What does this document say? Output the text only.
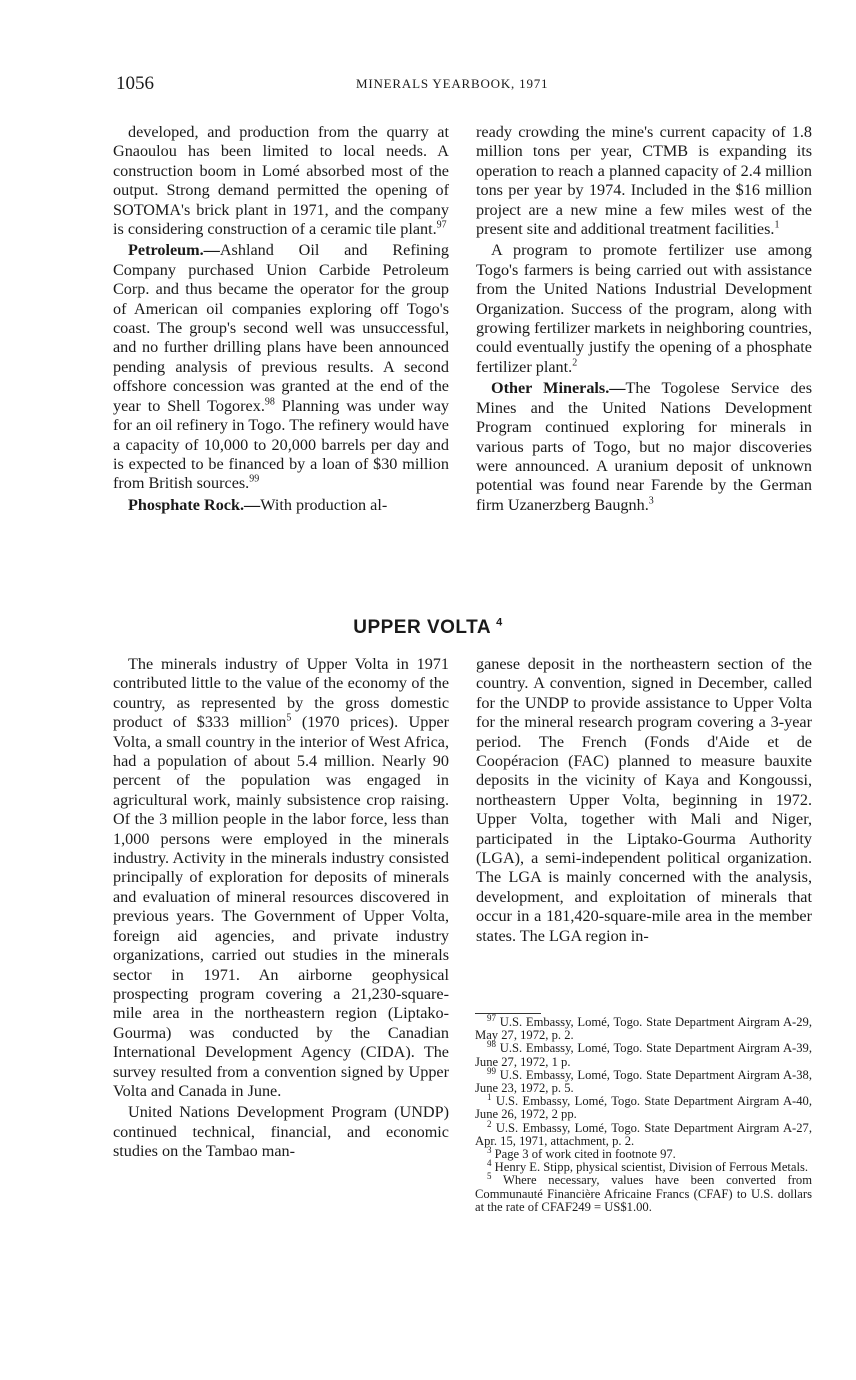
1056	MINERALS YEARBOOK, 1971

developed, and production from the quarry at Gnaoulou has been limited to local needs. A construction boom in Lomé absorbed most of the output. Strong demand permitted the opening of SOTOMA's brick plant in 1971, and the company is considering construction of a ceramic tile plant.$^{97}$

Petroleum.—Ashland Oil and Refining Company purchased Union Carbide Petroleum Corp. and thus became the operator for the group of American oil companies exploring off Togo's coast. The group's second well was unsuccessful, and no further drilling plans have been announced pending analysis of previous results. A second offshore concession was granted at the end of the year to Shell Togorex.$^{98}$ Planning was under way for an oil refinery in Togo. The refinery would have a capacity of 10,000 to 20,000 barrels per day and is expected to be financed by a loan of $30 million from British sources.$^{99}$

Phosphate Rock.—With production al-

ready crowding the mine's current capacity of 1.8 million tons per year, CTMB is expanding its operation to reach a planned capacity of 2.4 million tons per year by 1974. Included in the $16 million project are a new mine a few miles west of the present site and additional treatment facilities.$^1$

A program to promote fertilizer use among Togo's farmers is being carried out with assistance from the United Nations Industrial Development Organization. Success of the program, along with growing fertilizer markets in neighboring countries, could eventually justify the opening of a phosphate fertilizer plant.$^2$

Other Minerals.—The Togolese Service des Mines and the United Nations Development Program continued exploring for minerals in various parts of Togo, but no major discoveries were announced. A uranium deposit of unknown potential was found near Farende by the German firm Uzanerzberg Baugnh.$^3$

UPPER VOLTA $^4$

The minerals industry of Upper Volta in 1971 contributed little to the value of the economy of the country, as represented by the gross domestic product of $333 million$^5$ (1970 prices). Upper Volta, a small country in the interior of West Africa, had a population of about 5.4 million. Nearly 90 percent of the population was engaged in agricultural work, mainly subsistence crop raising. Of the 3 million people in the labor force, less than 1,000 persons were employed in the minerals industry. Activity in the minerals industry consisted principally of exploration for deposits of minerals and evaluation of mineral resources discovered in previous years. The Government of Upper Volta, foreign aid agencies, and private industry organizations, carried out studies in the minerals sector in 1971. An airborne geophysical prospecting program covering a 21,230-square-mile area in the northeastern region (Liptako-Gourma) was conducted by the Canadian International Development Agency (CIDA). The survey resulted from a convention signed by Upper Volta and Canada in June.

United Nations Development Program (UNDP) continued technical, financial, and economic studies on the Tambao man-

ganese deposit in the northeastern section of the country. A convention, signed in December, called for the UNDP to provide assistance to Upper Volta for the mineral research program covering a 3-year period. The French (Fonds d'Aide et de Coopéracion (FAC) planned to measure bauxite deposits in the vicinity of Kaya and Kongoussi, northeastern Upper Volta, beginning in 1972. Upper Volta, together with Mali and Niger, participated in the Liptako-Gourma Authority (LGA), a semi-independent political organization. The LGA is mainly concerned with the analysis, development, and exploitation of minerals that occur in a 181,420-square-mile area in the member states. The LGA region in-

$^{97}$ U.S. Embassy, Lomé, Togo. State Department Airgram A-29, May 27, 1972, p. 2.

$^{98}$ U.S. Embassy, Lomé, Togo. State Department Airgram A-39, June 27, 1972, 1 p.

$^{99}$ U.S. Embassy, Lomé, Togo. State Department Airgram A-38, June 23, 1972, p. 5.

$^1$ U.S. Embassy, Lomé, Togo. State Department Airgram A-40, June 26, 1972, 2 pp.

$^2$ U.S. Embassy, Lomé, Togo. State Department Airgram A-27, Apr. 15, 1971, attachment, p. 2.

$^3$ Page 3 of work cited in footnote 97.

$^4$ Henry E. Stipp, physical scientist, Division of Ferrous Metals.

$^5$ Where necessary, values have been converted from Communauté Financière Africaine Francs (CFAF) to U.S. dollars at the rate of CFAF249 = US$1.00.
